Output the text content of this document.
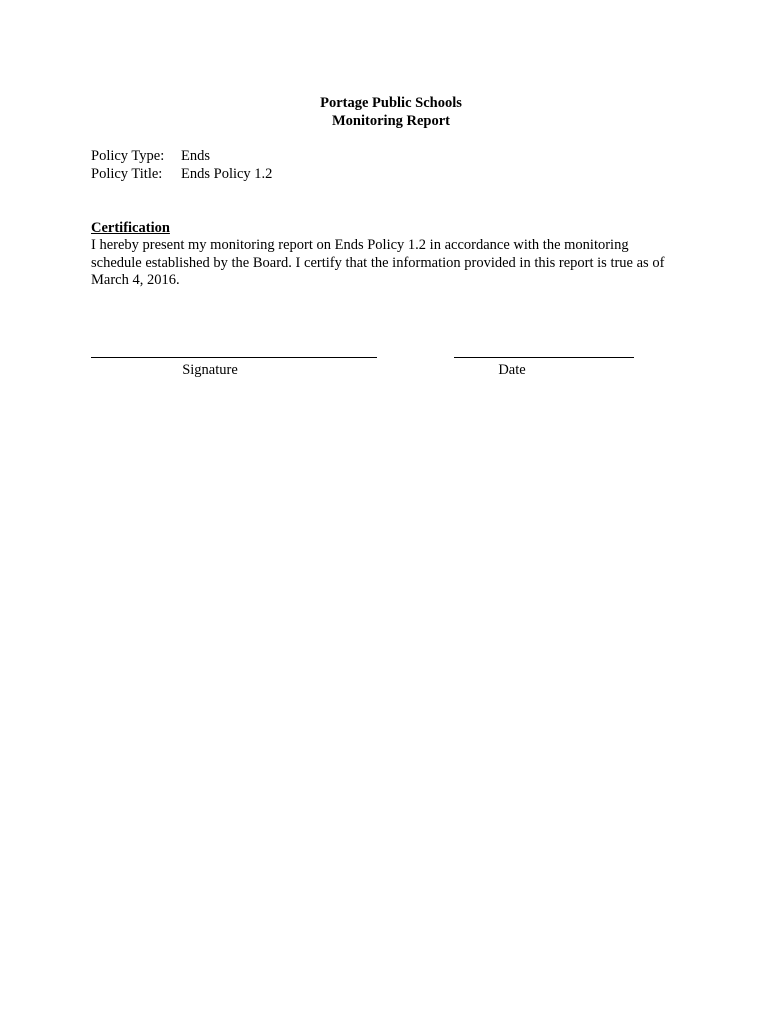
Portage Public Schools
Monitoring Report
Policy Type:	Ends
Policy Title:	Ends Policy 1.2
Certification
I hereby present my monitoring report on Ends Policy 1.2 in accordance with the monitoring schedule established by the Board. I certify that the information provided in this report is true as of March 4, 2016.
Signature	Date
